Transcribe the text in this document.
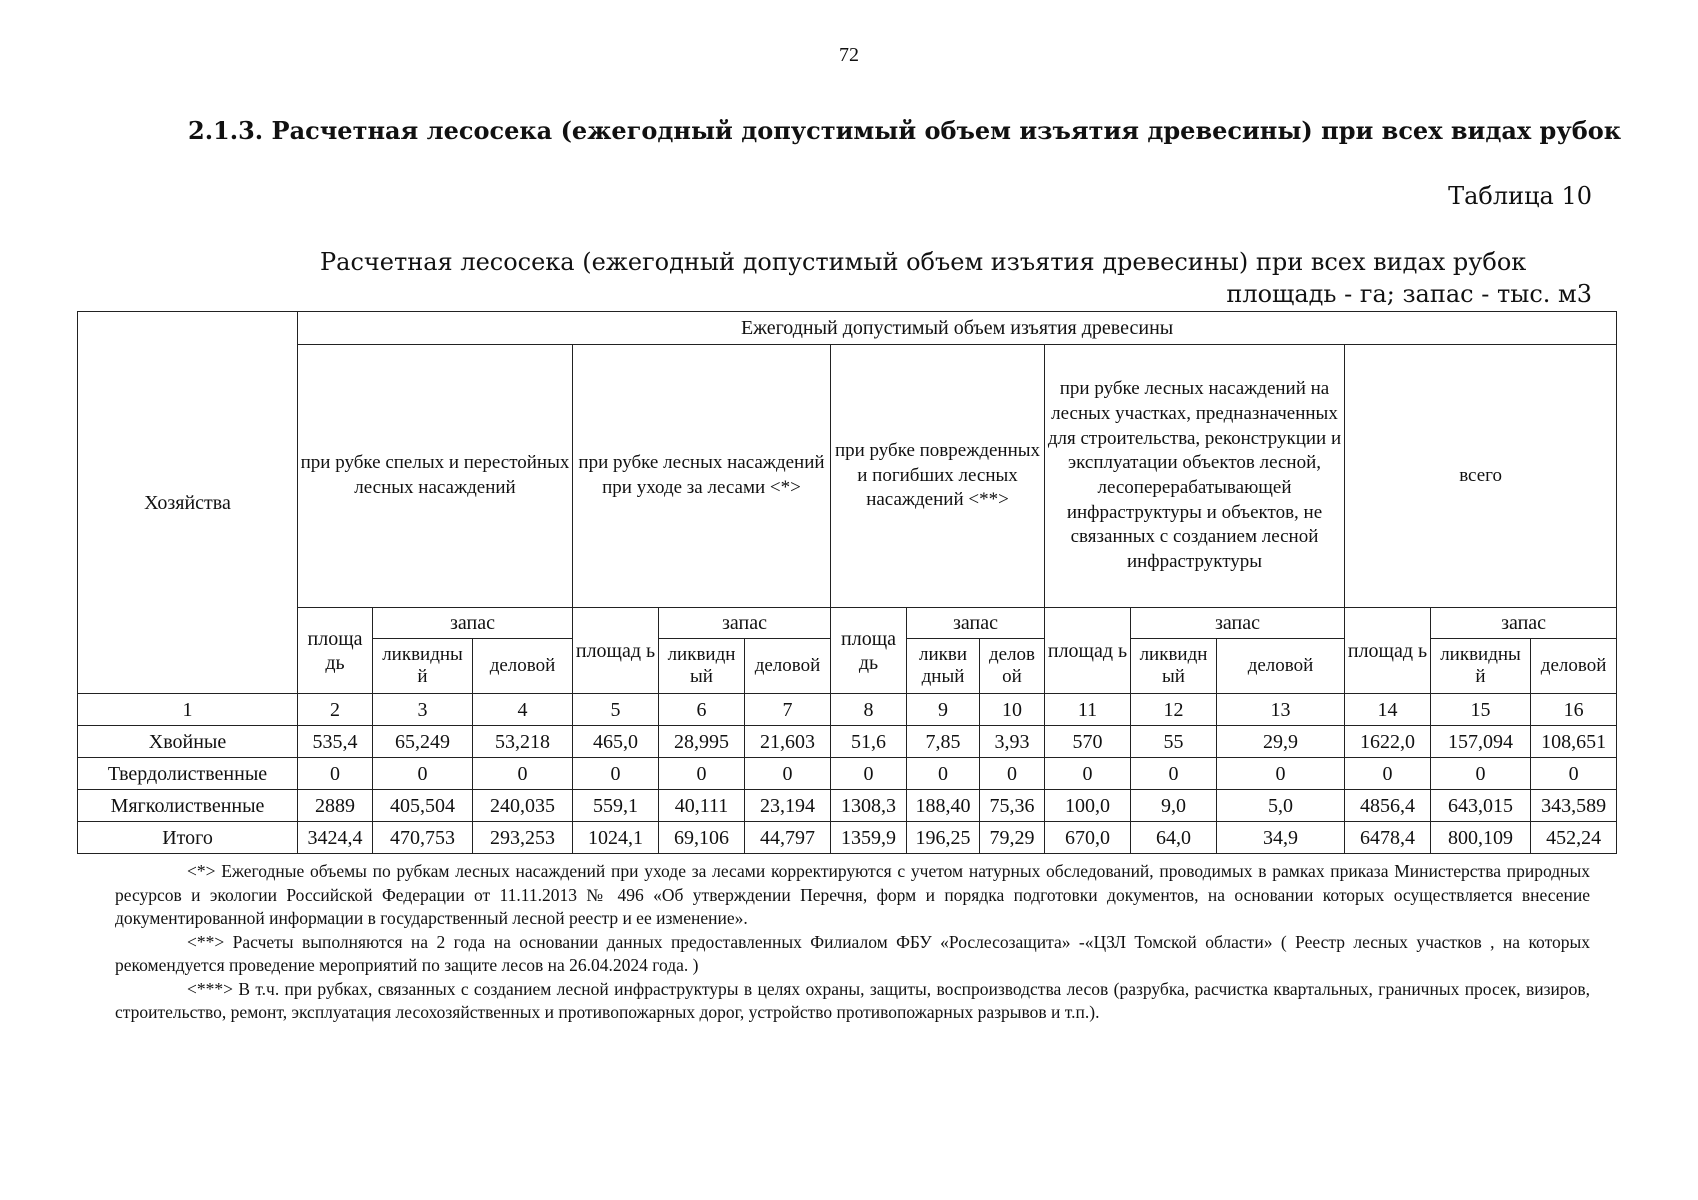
72
2.1.3. Расчетная лесосека (ежегодный допустимый объем изъятия древесины) при всех видах рубок
Таблица 10
Расчетная лесосека (ежегодный допустимый объем изъятия древесины) при всех видах рубок
площадь - га; запас - тыс. м3
Хозяйства	Ежегодный допустимый объем изъятия древесины														
	при рубке спелых и перестойных лесных насаждений			при рубке лесных насаждений при уходе за лесами <*>			при рубке поврежденных и погибших лесных насаждений <**>			при рубке лесных насаждений на лесных участках, предназначенных для строительства, реконструкции и эксплуатации объектов лесной, лесоперерабатывающей инфраструктуры и объектов, не связанных с созданием лесной инфраструктуры			всего		
	площа дь	запас		площад ь	запас		площа дь	запас		площад ь	запас		площад ь	запас	
		ликвидны й	деловой		ликвидн ый	деловой		ликви дный	делов ой		ликвидн ый	деловой		ликвидны й	деловой
1	2	3	4	5	6	7	8	9	10	11	12	13	14	15	16
Хвойные	535,4	65,249	53,218	465,0	28,995	21,603	51,6	7,85	3,93	570	55	29,9	1622,0	157,094	108,651
Твердолиственные	0	0	0	0	0	0	0	0	0	0	0	0	0	0	0
Мягколиственные	2889	405,504	240,035	559,1	40,111	23,194	1308,3	188,40	75,36	100,0	9,0	5,0	4856,4	643,015	343,589
Итого	3424,4	470,753	293,253	1024,1	69,106	44,797	1359,9	196,25	79,29	670,0	64,0	34,9	6478,4	800,109	452,24

<*> Ежегодные объемы по рубкам лесных насаждений при уходе за лесами корректируются с учетом натурных обследований, проводимых в рамках приказа Министерства природных ресурсов и экологии Российской Федерации от 11.11.2013 № 496 «Об утверждении Перечня, форм и порядка подготовки документов, на основании которых осуществляется внесение документированной информации в государственный лесной реестр и ее изменение».

<**> Расчеты выполняются на 2 года на основании данных предоставленных Филиалом ФБУ «Рослесозащита» -«ЦЗЛ Томской области» ( Реестр лесных участков , на которых рекомендуется проведение мероприятий по защите лесов на 26.04.2024 года. )

<***> В т.ч. при рубках, связанных с созданием лесной инфраструктуры в целях охраны, защиты, воспроизводства лесов (разрубка, расчистка квартальных, граничных просек, визиров, строительство, ремонт, эксплуатация лесохозяйственных и противопожарных дорог, устройство противопожарных разрывов и т.п.).
